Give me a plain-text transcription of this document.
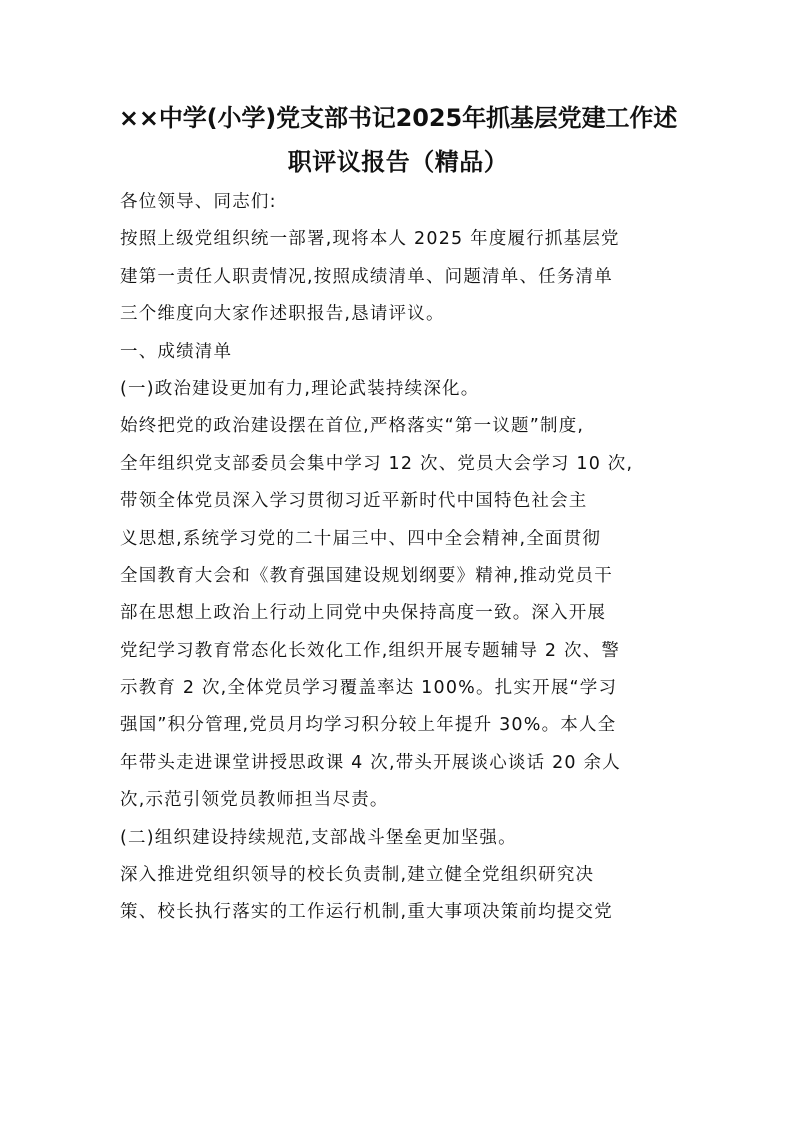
××中学(小学)党支部书记2025年抓基层党建工作述
职评议报告（精品）
各位领导、同志们:
按照上级党组织统一部署,现将本人 2025 年度履行抓基层党
建第一责任人职责情况,按照成绩清单、问题清单、任务清单
三个维度向大家作述职报告,恳请评议。
一、成绩清单
(一)政治建设更加有力,理论武装持续深化。
始终把党的政治建设摆在首位,严格落实“第一议题”制度,
全年组织党支部委员会集中学习 12 次、党员大会学习 10 次,
带领全体党员深入学习贯彻习近平新时代中国特色社会主
义思想,系统学习党的二十届三中、四中全会精神,全面贯彻
全国教育大会和《教育强国建设规划纲要》精神,推动党员干
部在思想上政治上行动上同党中央保持高度一致。深入开展
党纪学习教育常态化长效化工作,组织开展专题辅导 2 次、警
示教育 2 次,全体党员学习覆盖率达 100%。扎实开展“学习
强国”积分管理,党员月均学习积分较上年提升 30%。本人全
年带头走进课堂讲授思政课 4 次,带头开展谈心谈话 20 余人
次,示范引领党员教师担当尽责。
(二)组织建设持续规范,支部战斗堡垒更加坚强。
深入推进党组织领导的校长负责制,建立健全党组织研究决
策、校长执行落实的工作运行机制,重大事项决策前均提交党
